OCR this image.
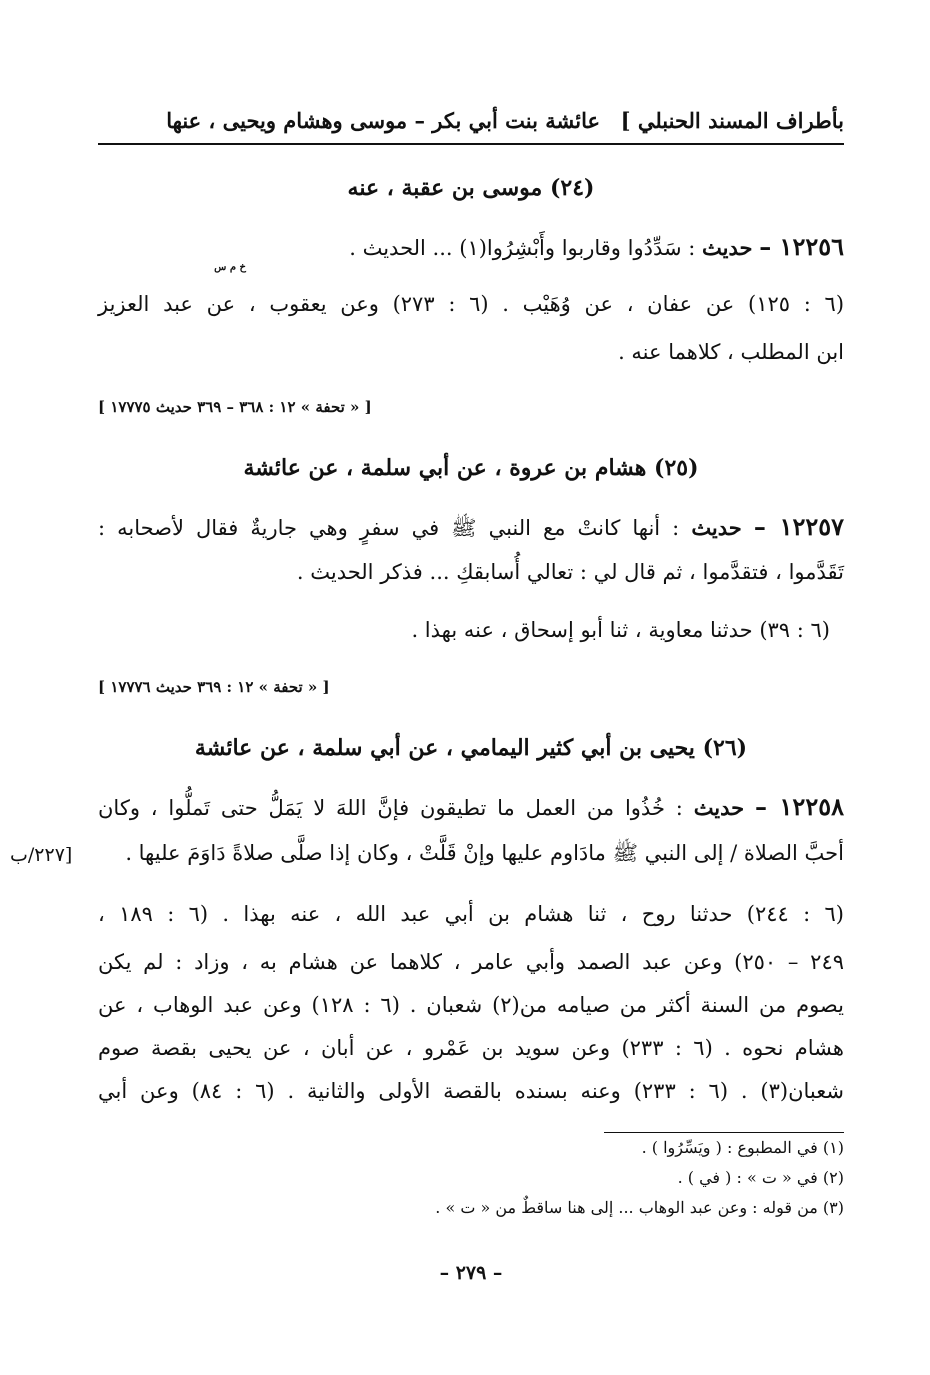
بأطراف المسند الحنبلي ]
عائشة بنت أبي بكر – موسى وهشام ويحيى ، عنها
(٢٤) موسى بن عقبة ، عنه
١٢٢٥٦ – حديث : سَدِّدُوا وقاربوا وأَبْشِرُوا(١) ... الحديث .
خ م س
(٦ : ١٢٥) عن عفان ، عن وُهَيْب . (٦ : ٢٧٣) وعن يعقوب ، عن عبد العزيز
ابن المطلب ، كلاهما عنه .
[ « تحفة » ١٢ : ٣٦٨ – ٣٦٩ حديث ١٧٧٧٥ ]
(٢٥) هشام بن عروة ، عن أبي سلمة ، عن عائشة
١٢٢٥٧ – حديث : أنها كانتْ مع النبي ﷺ في سفرٍ وهي جاريةٌ فقال لأصحابه :
تَقَدَّموا ، فتقدَّموا ، ثم قال لي : تعالي أُسابقكِ ... فذكر الحديث .
(٦ : ٣٩) حدثنا معاوية ، ثنا أبو إسحاق ، عنه بهذا .
[ « تحفة » ١٢ : ٣٦٩ حديث ١٧٧٧٦ ]
(٢٦) يحيى بن أبي كثير اليمامي ، عن أبي سلمة ، عن عائشة
١٢٢٥٨ – حديث : خُذُوا من العمل ما تطيقون فإنَّ اللهَ لا يَمَلُّ حتى تَملُّوا ، وكان
أحبَّ الصلاة / إلى النبي ﷺ مادَاوم عليها وإنْ قَلَّتْ ، وكان إذا صلَّى صلاةً دَاوَمَ عليها .
[٢٢٧/ب
(٦ : ٢٤٤) حدثنا روح ، ثنا هشام بن أبي عبد الله ، عنه بهذا . (٦ : ١٨٩ ،
٢٤٩ – ٢٥٠) وعن عبد الصمد وأبي عامر ، كلاهما عن هشام به ، وزاد : لم يكن
يصوم من السنة أكثر من صيامه من(٢) شعبان . (٦ : ١٢٨) وعن عبد الوهاب ، عن
هشام نحوه . (٦ : ٢٣٣) وعن سويد بن عَمْرو ، عن أبان ، عن يحيى بقصة صوم
شعبان(٣) . (٦ : ٢٣٣) وعنه بسنده بالقصة الأولى والثانية . (٦ : ٨٤) وعن أبي
(١) في المطبوع : ( ويَسِّرُوا ) .
(٢) في « ت » : ( في ) .
(٣) من قوله : وعن عبد الوهاب ... إلى هنا ساقطٌ من « ت » .
– ٢٧٩ –
